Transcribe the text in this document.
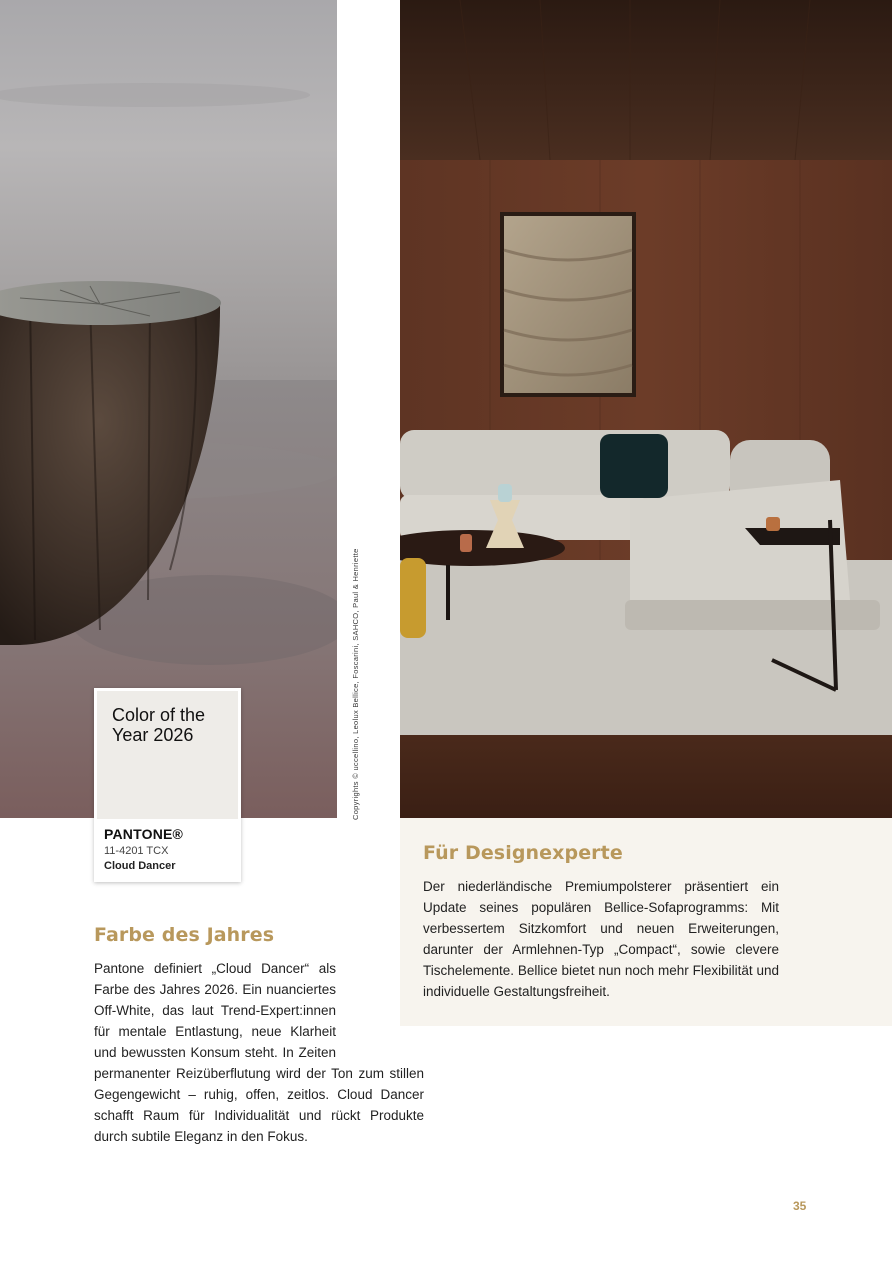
Copyrights © uccellino, Leolux Bellice, Foscarini, SAHCO, Paul & Henriette
Color of the Year 2026
PANTONE®
11-4201 TCX
Cloud Dancer
Für Designexperte
Der niederländische Premiumpolsterer präsentiert ein Update seines populären Bellice-Sofaprogramms: Mit verbessertem Sitzkomfort und neuen Erweiterungen, darunter der Armlehnen-Typ „Compact“, sowie clevere Tischelemente. Bellice bietet nun noch mehr Flexibilität und individuelle Gestaltungsfreiheit.
Farbe des Jahres
Pantone definiert „Cloud Dancer“ als Farbe des Jahres 2026. Ein nuanciertes Off-White, das laut Trend-Expert:innen für mentale Entlastung, neue Klarheit und bewussten Konsum steht. In Zeiten permanenter Reizüberflutung wird der Ton zum stillen Gegengewicht – ruhig, offen, zeitlos. Cloud Dancer schafft Raum für Individualität und rückt Produkte durch subtile Eleganz in den Fokus.
35
